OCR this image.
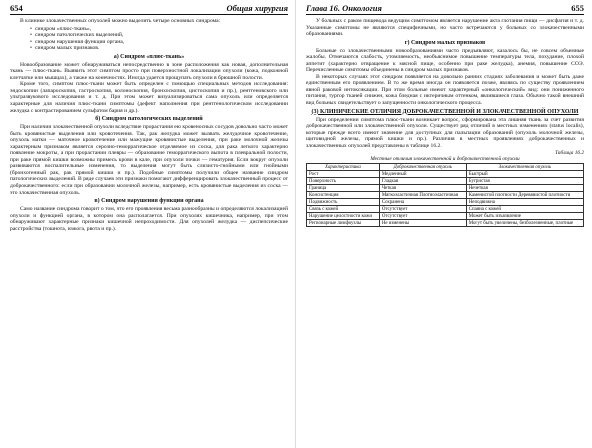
654	Общая хирургия

В клинике злокачественных опухолей можно выделить четыре основных синдрома:

• синдром «плюс-ткань»,
• синдром патологических выделений,
• синдром нарушения функции органа,
• синдром малых признаков.
а) Синдром «плюс-ткань»

Новообразование может обнаруживаться непосредственно в зоне расположения как новая, дополнительная ткань — плюс-ткань. Выявить этот симптом просто при поверхностной локализации опухоли (кожа, подкожной клетчатке или мышцах), а также на конечностях. Иногда удается прощупать опухоли в брюшной полости.

Кроме того, симптом плюс-ткани может быть определен с помощью специальных методов исследования: эндоскопии (лапароскопия, гастроскопия, колоноскопия, бронхоскопия, цистоскопия и пр.), рентгеновского или ультразвукового исследования и т. д. При этом может визуализироваться сама опухоль или определяется характерные для наличия плюс-ткани симптомы (дефект наполнения при рентгенологическом исследовании желудка с контрастированием сульфатом бария и др.).

б) Синдром патологических выделений

При наличии злокачественной опухоли вследствие прорастания ею кровеносных сосудов довольно часто может быть кровянистые выделения или кровотечения. Так, рак желудка может вызвать желудочное кровотечение, опухоль матки — маточное кровотечение или мажущие кровянистые выделения, при раке молочной железы характерным признаком является серозно-геморрагическое отделяемое из соска, для рака легкого характерно появление мокроты, а при прорастании плевры — образование геморрагического выпота в плевральной полости, при раке прямой кишки возможны примесь крови в кале, при опухоли почки — гематурия. Если вокруг опухоли развиваются воспалительные изменения, то выделения могут быть слизисто-гнойными или гнойными (бронхогенный рак, рак прямой кишки и пр.). Подобные симптомы получили общее название синдром патологических выделений. В ряде случаев эти признаки помогают дифференцировать злокачественный процесс от доброкачественного: если при образовании молочной железы, например, есть кровянистые выделения из соска — это злокачественная опухоль.

в) Синдром нарушения функции органа

Само название синдрома говорит о том, что его проявления весьма разнообразны и определяются локализацией опухоли и функцией органа, в котором она располагается. При опухолях кишечника, например, при этом обнаруживают характерные признаки кишечной непроходимости. Для опухолей желудка — диспепсические расстройства (тошнота, изжога, рвота и пр.).

Глава 16. Онкология	655

У больных с раком пищевода ведущим симптомом является нарушение акта глотания пищи — дисфагия и т. д. Указанные симптомы не являются специфичными, но часто встречаются у больных со злокачественными образованиями.

г) Синдром малых признаков

Больные со злокачественными новообразованиями часто предъявляют, казалось бы, не совсем объемные жалобы. Отмечаются слабость, утомляемость, необъяснимое повышение температуры тела, похудание, плохой аппетит (характерно отвращение к мясной пище, особенно при раке желудка), анемия, повышение СОЭ. Перечисленные симптомы объединены в синдром малых признаков.

В некоторых случаях этот синдром появляется на довольно ранних стадиях заболевания и может быть даже единственным его проявлением. В то же время иногда он появляется позже, являясь по существу проявлением явной раковой интоксикации. При этом больные имеют характерный «онкологический» вид: они пониженного питания, тургор тканей снижен, кожа бледная с иктеричным оттенком, явлившиеся глаза. Обычно такой внешний вид больных свидетельствует о запущенности онкологического процесса.

(3) КЛИНИЧЕСКИЕ ОТЛИЧИЯ ДОБРОКАЧЕСТВЕННОЙ И ЗЛОКАЧЕСТВЕННОЙ ОПУХОЛИ

При определении симптома плюс-ткани возникает вопрос, сформирована эта лишняя ткань за счет развития доброкачественной или злокачественной опухоли. Существует ряд отличий в местных изменениях (status localis), которые прежде всего имеют значение для доступных для пальпации образований (опухоль молочной железы, щитовидной железы, прямой кишки и пр.). Различия в местных проявлениях доброкачественных и злокачественных опухолей представлены в таблице 16.2.

Таблица 16.2
Местные отличия злокачественной и доброкачественной опухоли
Характеристика	Доброкачественная опухоль	Злокачественная опухоль
Рост	Медленный	Быстрый
Поверхность	Гладкая	Бугристая
Граница	Четкая	Нечеткая
Консистенция	Мягкоэластичная Плотноэластичная	Каменистой плотности Деревянистой плотности
Подвижность	Сохранена	Неподвижна
Связь с кожей	Отсутствует	Спаяна с кожей
Нарушение целостности кожи	Отсутствует	Может быть изъязвление
Регионарные лимфоузлы	Не изменены	Могут быть увеличены, безболезненные, плотные
